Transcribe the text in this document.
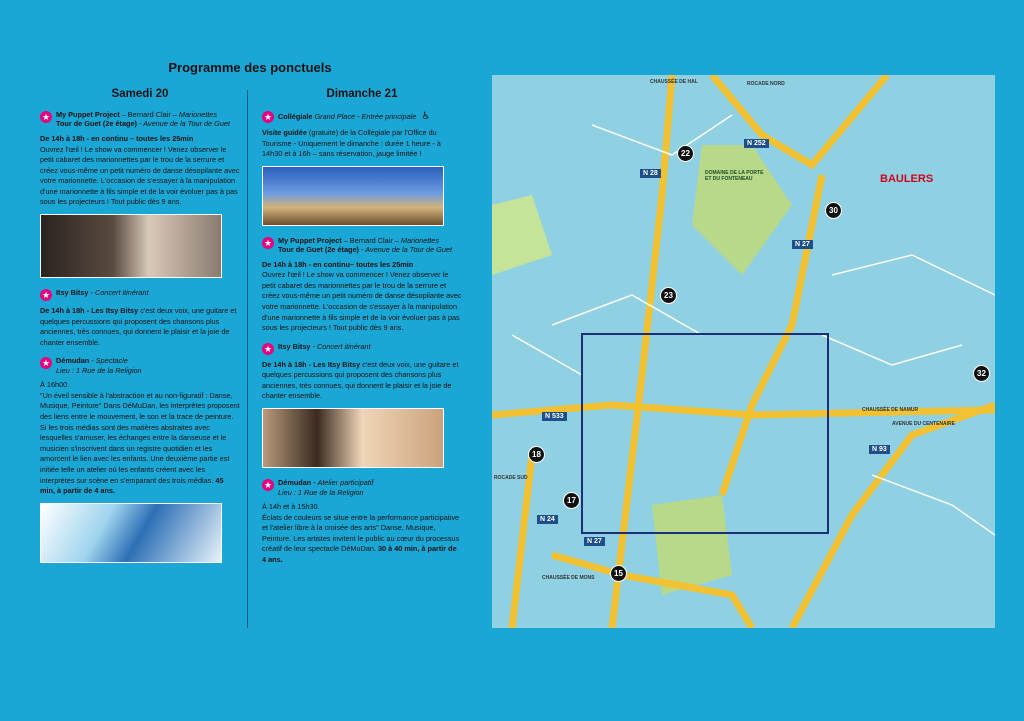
Programme des ponctuels
Samedi 20
★ My Puppet Project – Bernard Clair – Marionettes
Tour de Guet (2e étage) - Avenue de la Tour de Guet
De 14h à 18h - en continu – toutes les 25min
Ouvrez l'œil ! Le show va commencer ! Venez observer le petit cabaret des marionnettes par le trou de la serrure et créez vous-même un petit numéro de danse désopilante avec votre marionnette. L'occasion de s'essayer à la manipulation d'une marionnette à fils simple et de la voir évoluer pas à pas sous les projecteurs ! Tout public dès 9 ans.
★ Itsy Bitsy - Concert itinérant
De 14h à 18h - Les Itsy Bitsy c'est deux voix, une guitare et quelques percussions qui proposent des chansons plus anciennes, très connues, qui donnent le plaisir et la joie de chanter ensemble.
★ Démudan - Spectacle
Lieu : 1 Rue de la Religion
À 16h00.
"Un éveil sensible à l'abstraction et au non-figuratif : Danse, Musique, Peinture" Dans DéMuDan, les interprètes proposent des liens entre le mouvement, le son et la trace de peinture. Si les trois médias sont des matières abstraites avec lesquelles s'amuser, les échanges entre la danseuse et le musicien s'inscrivent dans un registre quotidien et les amorcent le lien avec les enfants. Une deuxième partie est initiée telle un atelier où les enfants créent avec les interprètes sur scène en s'emparant des trois médias. 45 min, à partir de 4 ans.
Dimanche 21
★ Collégiale Grand Place - Entrée principale ♿
Visite guidée (gratuite) de la Collégiale par l'Office du Tourisme - Uniquement le dimanche : durée 1 heure - à 14h30 et à 16h – sans réservation, jauge limitée !
★ My Puppet Project – Bernard Clair – Marionettes
Tour de Guet (2e étage) - Avenue de la Tour de Guet
De 14h à 18h - en continu– toutes les 25min
Ouvrez l'œil ! Le show va commencer ! Venez observer le petit cabaret des marionnettes par le trou de la serrure et créez vous-même un petit numéro de danse désopilante avec votre marionnette. L'occasion de s'essayer à la manipulation d'une marionnette à fils simple et de la voir évoluer pas à pas sous les projecteurs ! Tout public dès 9 ans.
★ Itsy Bitsy - Concert itinérant
De 14h à 18h - Les Itsy Bitsy c'est deux voix, une guitare et quelques percussions qui proposent des chansons plus anciennes, très connues, qui donnent le plaisir et la joie de chanter ensemble.
★ Démudan - Atelier participatif
Lieu : 1 Rue de la Religion
À 14h et à 15h30.
Éclats de couleurs se situe entre la performance participative et l'atelier libre à la croisée des arts" Danse, Musique, Peinture. Les artistes invitent le public au cœur du processus créatif de leur spectacle DéMuDan. 30 à 40 min, à partir de 4 ans.
BAULERS
DOMAINE DE LA PORTE ET DU FONTENEAU
CHAUSSÉE DE HAL	ROCADE NORD
CHAUSSÉE DE NAMUR
AVENUE DU CENTENAIRE
ROCADE SUD
CHAUSSÉE DE MONS
N 252
N 28
N 27
N 533
N 93
N 24
N 27
22
30
23
32
18
17
15
